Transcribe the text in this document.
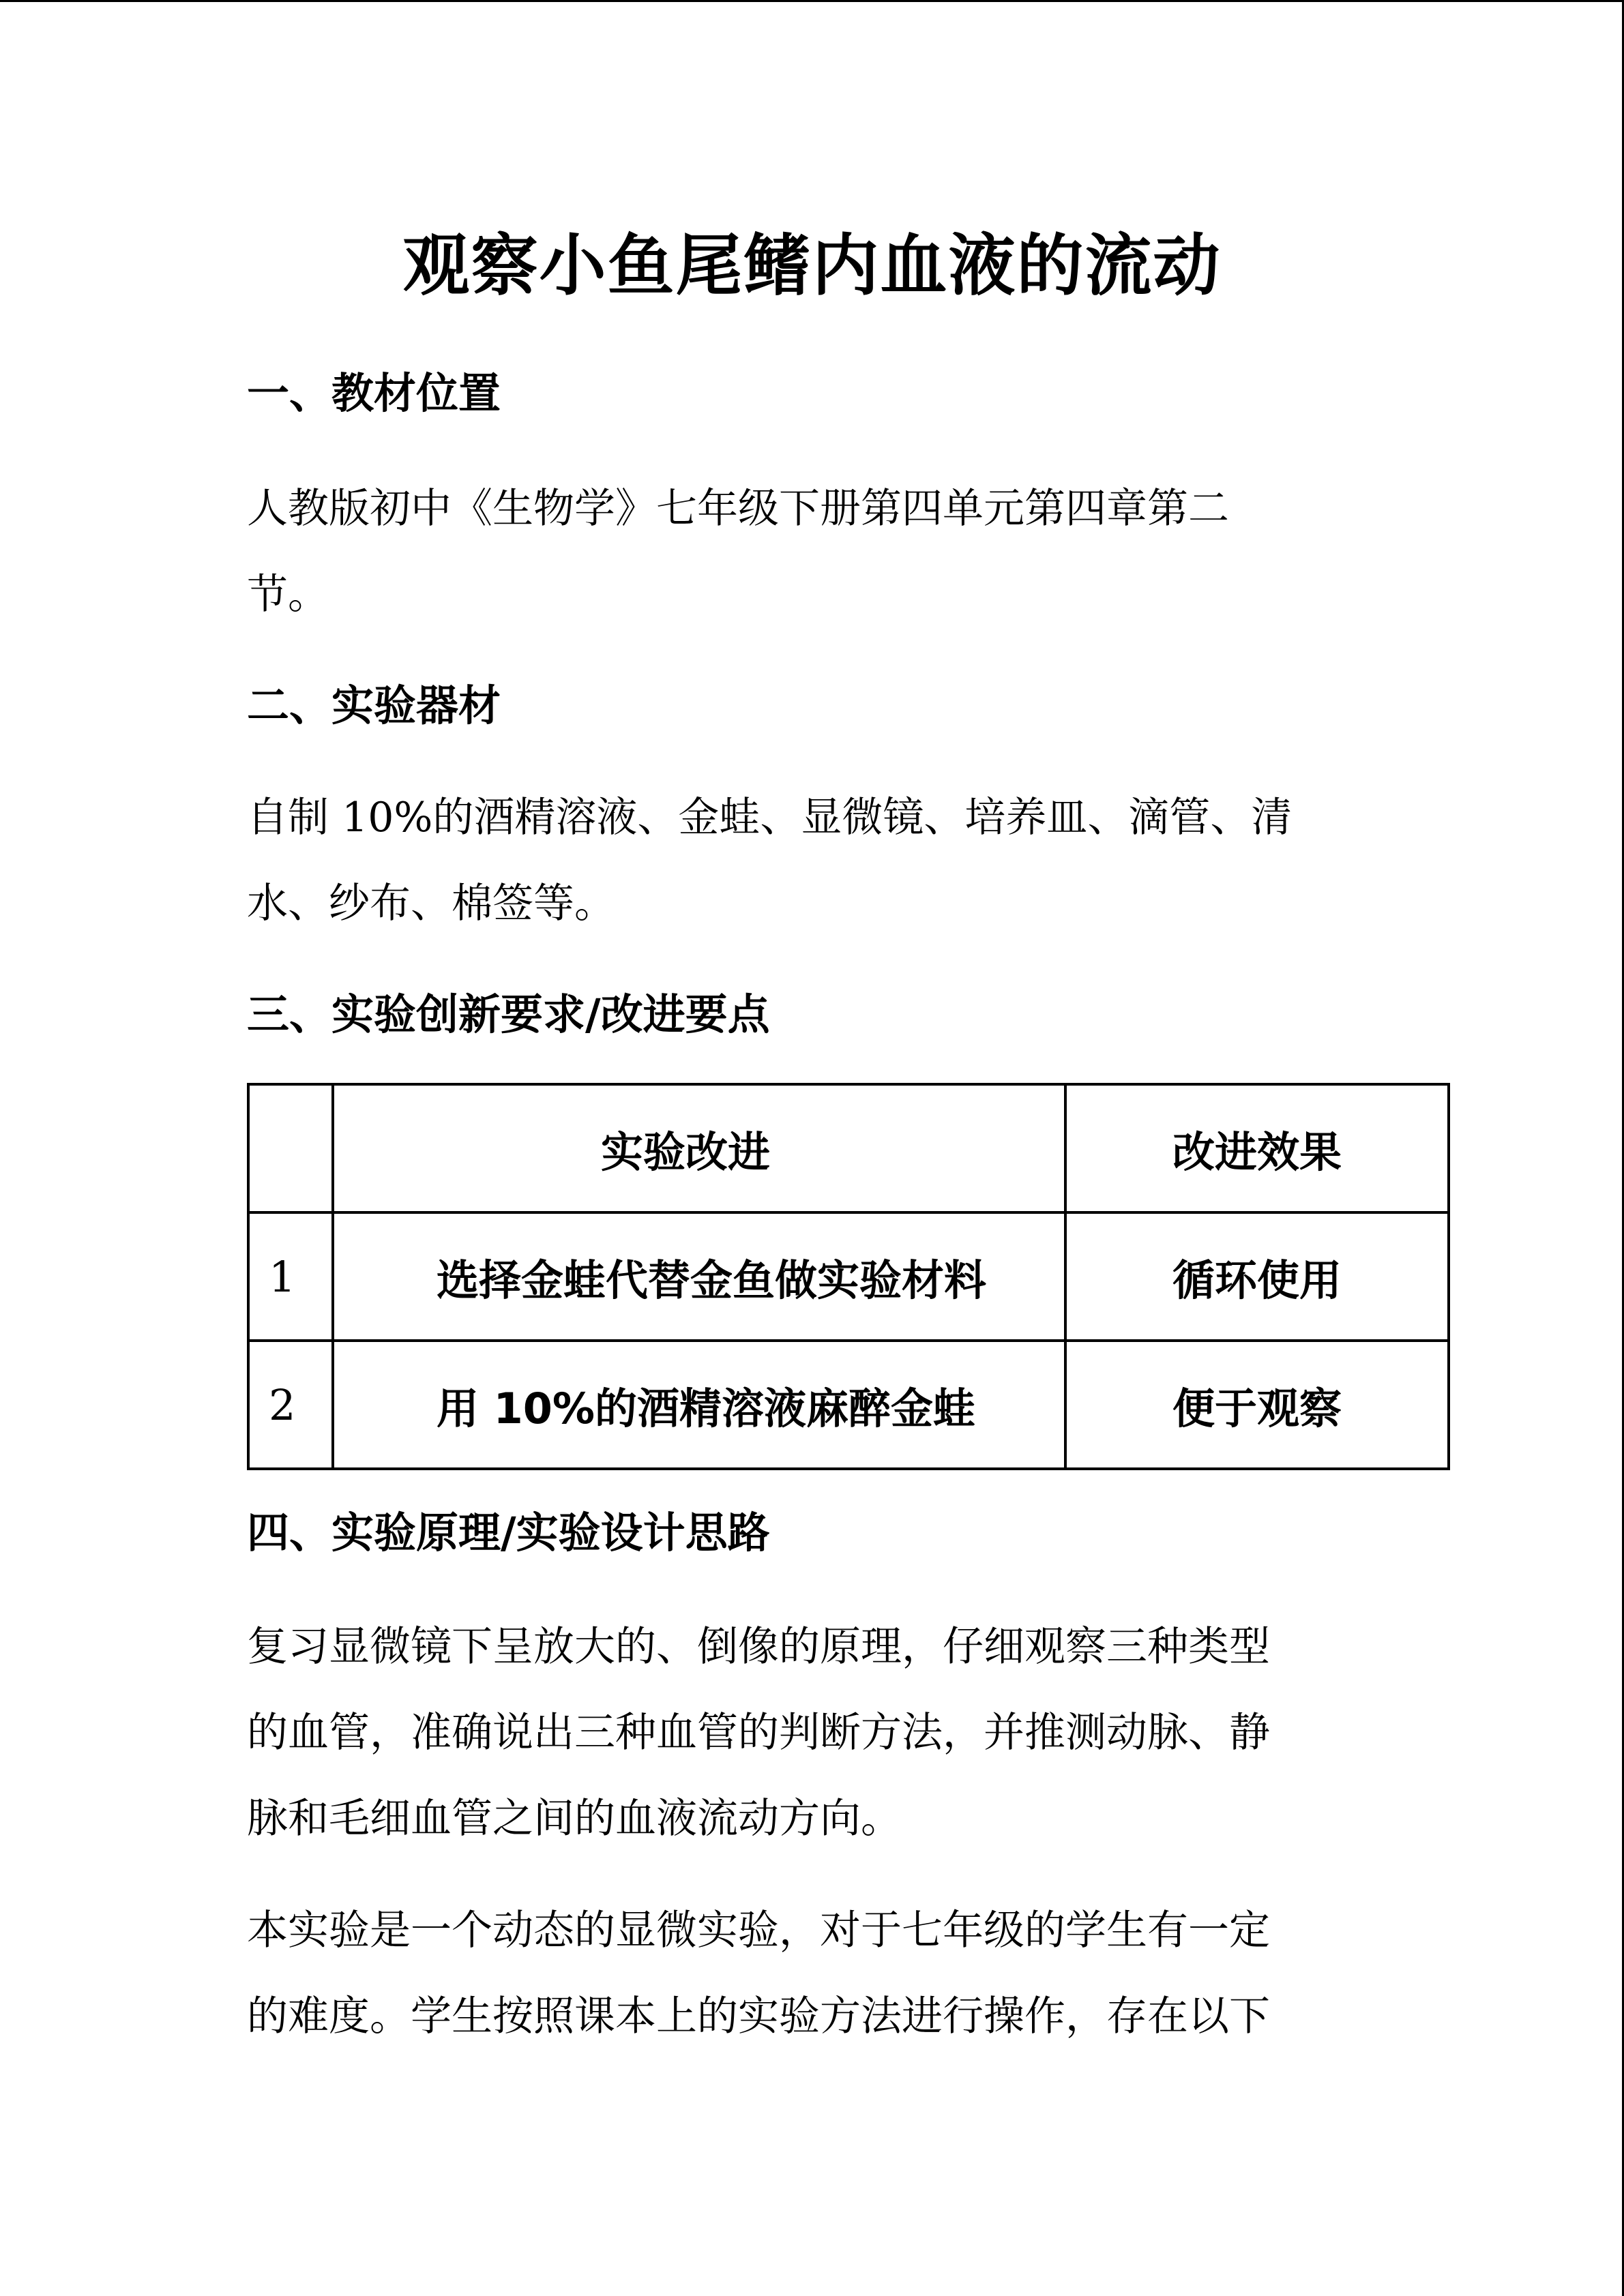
观察小鱼尾鳍内血液的流动
一、教材位置

人教版初中《生物学》七年级下册第四单元第四章第二
节。

二、实验器材

自制 10%的酒精溶液、金蛙、显微镜、培养皿、滴管、清
水、纱布、棉签等。

三、实验创新要求/改进要点
	实验改进	改进效果
1	选择金蛙代替金鱼做实验材料	循环使用
2	用 10%的酒精溶液麻醉金蛙	便于观察
四、实验原理/实验设计思路

复习显微镜下呈放大的、倒像的原理，仔细观察三种类型
的血管，准确说出三种血管的判断方法，并推测动脉、静
脉和毛细血管之间的血液流动方向。

本实验是一个动态的显微实验，对于七年级的学生有一定
的难度。学生按照课本上的实验方法进行操作，存在以下
